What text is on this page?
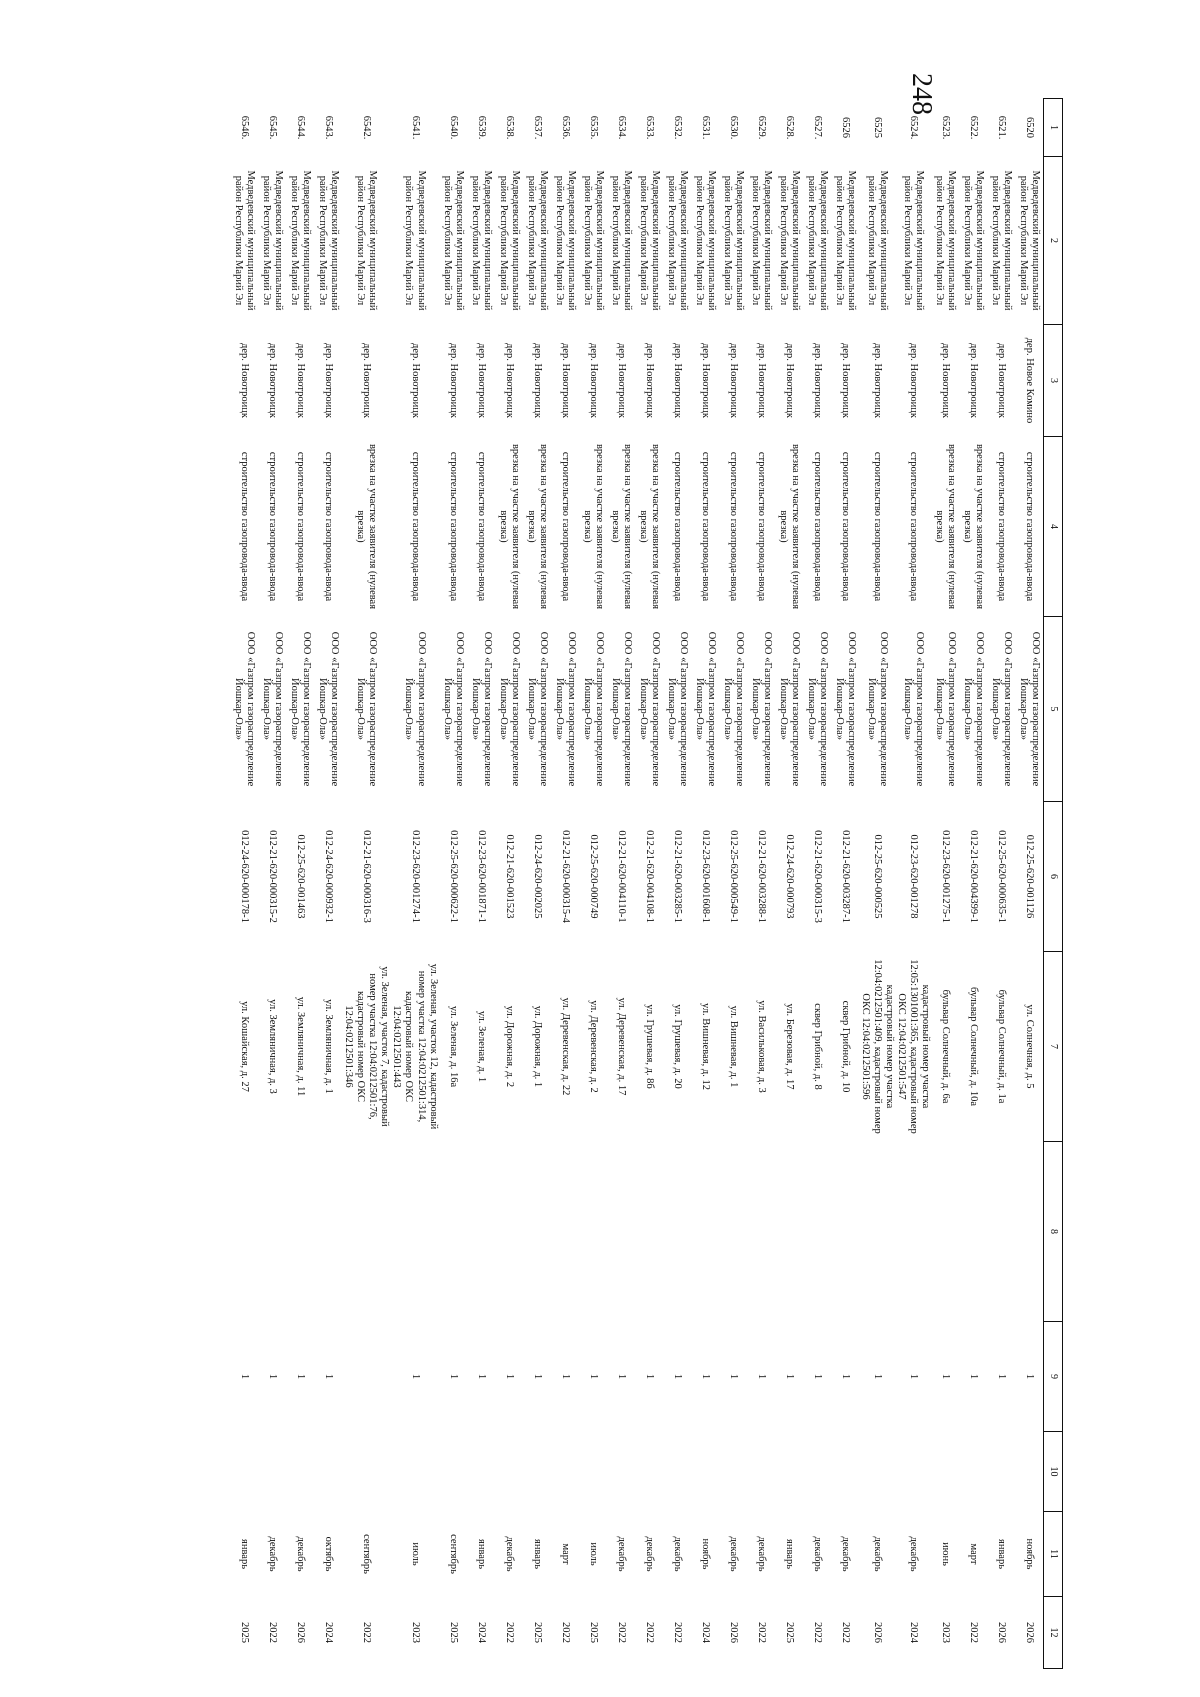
248
1	2	3	4	5	6	7	8	9	10	11	12
6520	Медведевский муниципальный район Республики Марий Эл	дер. Новое Комино	строительство газопровода-ввода	ООО «Газпром газораспределение Йошкар-Ола»	012-25-620-001126	ул. Солнечная, д. 5		1		ноябрь	2026
6521.	Медведевский муниципальный район Республики Марий Эл	дер. Новотроицк	строительство газопровода-ввода	ООО «Газпром газораспределение Йошкар-Ола»	012-25-620-000635-1	бульвар Солнечный, д. 1а		1		январь	2026
6522.	Медведевский муниципальный район Республики Марий Эл	дер. Новотроицк	врезка на участке заявителя (нулевая врезка)	ООО «Газпром газораспределение Йошкар-Ола»	012-21-620-004399-1	бульвар Солнечный, д. 10а		1		март	2022
6523.	Медведевский муниципальный район Республики Марий Эл	дер. Новотроицк	врезка на участке заявителя (нулевая врезка)	ООО «Газпром газораспределение Йошкар-Ола»	012-23-620-001275-1	бульвар Солнечный, д. 6а		1		июнь	2023
6524.	Медведевский муниципальный район Республики Марий Эл	дер. Новотроицк	строительство газопровода-ввода	ООО «Газпром газораспределение Йошкар-Ола»	012-23-620-001278	кадастровый номер участка 12:05:1301001:365, кадастровый номер ОКС 12:04:0212501:547		1		декабрь	2024
6525	Медведевский муниципальный район Республики Марий Эл	дер. Новотроицк	строительство газопровода-ввода	ООО «Газпром газораспределение Йошкар-Ола»	012-25-620-000525	кадастровый номер участка 12:04:0212501:409, кадастровый номер ОКС 12:04:0212501:596		1		декабрь	2026
6526	Медведевский муниципальный район Республики Марий Эл	дер. Новотроицк	строительство газопровода-ввода	ООО «Газпром газораспределение Йошкар-Ола»	012-21-620-003287-1	сквер Грибной, д. 10		1		декабрь	2022
6527.	Медведевский муниципальный район Республики Марий Эл	дер. Новотроицк	строительство газопровода-ввода	ООО «Газпром газораспределение Йошкар-Ола»	012-21-620-000315-3	сквер Грибной, д. 8		1		декабрь	2022
6528.	Медведевский муниципальный район Республики Марий Эл	дер. Новотроицк	врезка на участке заявителя (нулевая врезка)	ООО «Газпром газораспределение Йошкар-Ола»	012-24-620-000793	ул. Березовая, д. 17		1		январь	2025
6529.	Медведевский муниципальный район Республики Марий Эл	дер. Новотроицк	строительство газопровода-ввода	ООО «Газпром газораспределение Йошкар-Ола»	012-21-620-003288-1	ул. Васильковая, д. 3		1		декабрь	2022
6530.	Медведевский муниципальный район Республики Марий Эл	дер. Новотроицк	строительство газопровода-ввода	ООО «Газпром газораспределение Йошкар-Ола»	012-25-620-000549-1	ул. Вишневая, д. 1		1		декабрь	2026
6531.	Медведевский муниципальный район Республики Марий Эл	дер. Новотроицк	строительство газопровода-ввода	ООО «Газпром газораспределение Йошкар-Ола»	012-23-620-001608-1	ул. Вишневая, д. 12		1		ноябрь	2024
6532.	Медведевский муниципальный район Республики Марий Эл	дер. Новотроицк	строительство газопровода-ввода	ООО «Газпром газораспределение Йошкар-Ола»	012-21-620-003285-1	ул. Грушевая, д. 20		1		декабрь	2022
6533.	Медведевский муниципальный район Республики Марий Эл	дер. Новотроицк	врезка на участке заявителя (нулевая врезка)	ООО «Газпром газораспределение Йошкар-Ола»	012-21-620-004108-1	ул. Грушевая, д. 8б		1		декабрь	2022
6534.	Медведевский муниципальный район Республики Марий Эл	дер. Новотроицк	врезка на участке заявителя (нулевая врезка)	ООО «Газпром газораспределение Йошкар-Ола»	012-21-620-004110-1	ул. Деревенская, д. 17		1		декабрь	2022
6535.	Медведевский муниципальный район Республики Марий Эл	дер. Новотроицк	врезка на участке заявителя (нулевая врезка)	ООО «Газпром газораспределение Йошкар-Ола»	012-25-620-000749	ул. Деревенская, д. 2		1		июль	2025
6536.	Медведевский муниципальный район Республики Марий Эл	дер. Новотроицк	строительство газопровода-ввода	ООО «Газпром газораспределение Йошкар-Ола»	012-21-620-000315-4	ул. Деревенская, д. 22		1		март	2022
6537.	Медведевский муниципальный район Республики Марий Эл	дер. Новотроицк	врезка на участке заявителя (нулевая врезка)	ООО «Газпром газораспределение Йошкар-Ола»	012-24-620-002025	ул. Дорожная, д. 1		1		январь	2025
6538.	Медведевский муниципальный район Республики Марий Эл	дер. Новотроицк	врезка на участке заявителя (нулевая врезка)	ООО «Газпром газораспределение Йошкар-Ола»	012-21-620-001523	ул. Дорожная, д. 2		1		декабрь	2022
6539.	Медведевский муниципальный район Республики Марий Эл	дер. Новотроицк	строительство газопровода-ввода	ООО «Газпром газораспределение Йошкар-Ола»	012-23-620-001871-1	ул. Зеленая, д. 1		1		январь	2024
6540.	Медведевский муниципальный район Республики Марий Эл	дер. Новотроицк	строительство газопровода-ввода	ООО «Газпром газораспределение Йошкар-Ола»	012-25-620-000622-1	ул. Зеленая, д. 16а		1		сентябрь	2025
6541.	Медведевский муниципальный район Республики Марий Эл	дер. Новотроицк	строительство газопровода-ввода	ООО «Газпром газораспределение Йошкар-Ола»	012-23-620-001274-1	ул. Зеленая, участок 12, кадастровый номер участка 12:04:0212501:314, кадастровый номер ОКС 12:04:0212501:443		1		июль	2023
6542.	Медведевский муниципальный район Республики Марий Эл	дер. Новотроицк	врезка на участке заявителя (нулевая врезка)	ООО «Газпром газораспределение Йошкар-Ола»	012-21-620-000316-3	ул. Зеленая, участок 7, кадастровый номер участка 12:04:0212501:76, кадастровый номер ОКС 12:04:0212501:346				сентябрь	2022
6543.	Медведевский муниципальный район Республики Марий Эл	дер. Новотроицк	строительство газопровода-ввода	ООО «Газпром газораспределение Йошкар-Ола»	012-24-620-000932-1	ул. Земляничная, д. 1		1		октябрь	2024
6544.	Медведевский муниципальный район Республики Марий Эл	дер. Новотроицк	строительство газопровода-ввода	ООО «Газпром газораспределение Йошкар-Ола»	012-25-620-001463	ул. Земляничная, д. 11		1		декабрь	2026
6545.	Медведевский муниципальный район Республики Марий Эл	дер. Новотроицк	строительство газопровода-ввода	ООО «Газпром газораспределение Йошкар-Ола»	012-21-620-000315-2	ул. Земляничная, д. 3		1		декабрь	2022
6546.	Медведевский муниципальный район Республики Марий Эл	дер. Новотроицк	строительство газопровода-ввода	ООО «Газпром газораспределение Йошкар-Ола»	012-24-620-000178-1	ул. Кошайская, д. 27		1		январь	2025
